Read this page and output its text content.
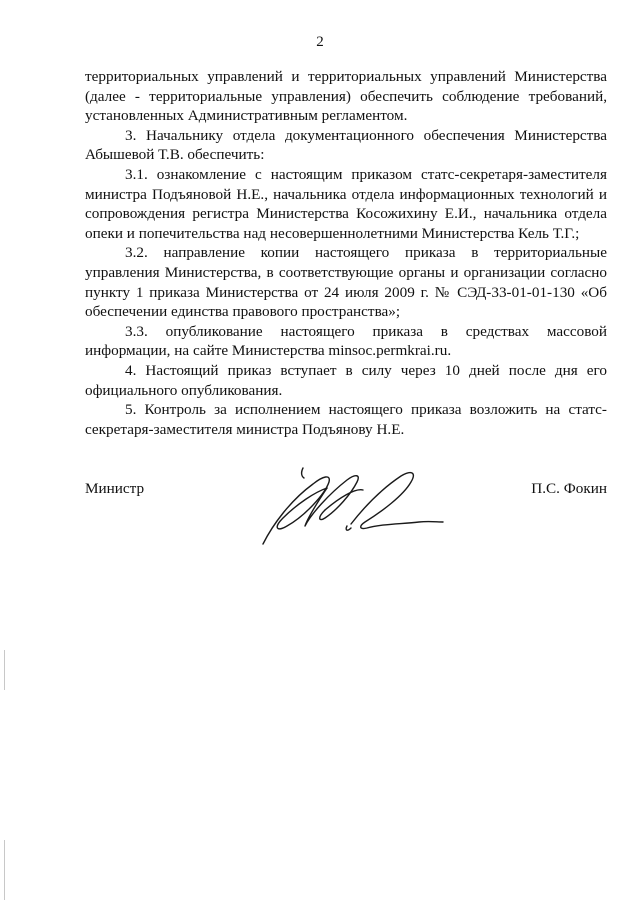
2

территориальных управлений и территориальных управлений Министерства (далее - территориальные управления) обеспечить соблюдение требований, установленных Административным регламентом.

3. Начальнику отдела документационного обеспечения Министерства Абышевой Т.В. обеспечить:

3.1. ознакомление с настоящим приказом статс-секретаря-заместителя министра Подъяновой Н.Е., начальника отдела информационных технологий и сопровождения регистра Министерства Косожихину Е.И., начальника отдела опеки и попечительства над несовершеннолетними Министерства Кель Т.Г.;

3.2. направление копии настоящего приказа в территориальные управления Министерства, в соответствующие органы и организации согласно пункту 1 приказа Министерства от 24 июля 2009 г. № СЭД-33-01-01-130 «Об обеспечении единства правового пространства»;

3.3. опубликование настоящего приказа в средствах массовой информации, на сайте Министерства minsoc.permkrai.ru.

4. Настоящий приказ вступает в силу через 10 дней после дня его официального опубликования.

5. Контроль за исполнением настоящего приказа возложить на статс-секретаря-заместителя министра Подъянову Н.Е.

Министр	П.С. Фокин
